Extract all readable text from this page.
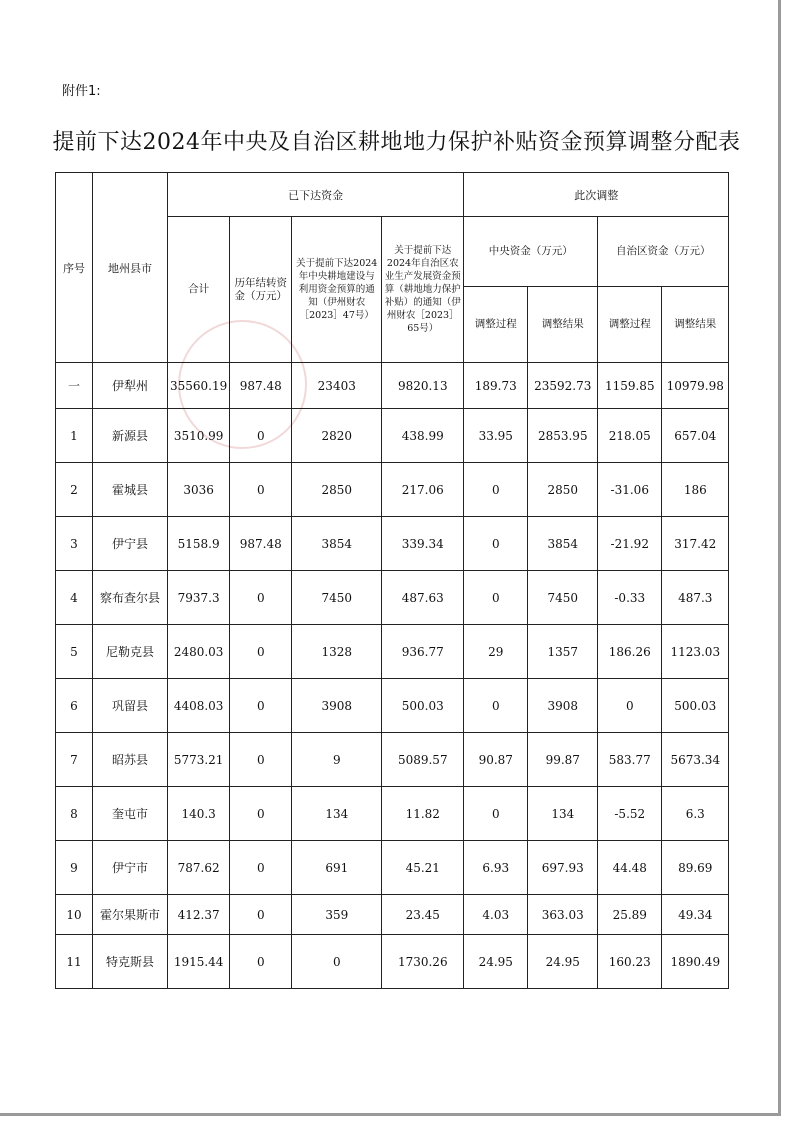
附件1:
提前下达2024年中央及自治区耕地地力保护补贴资金预算调整分配表
序号	地州县市	已下达资金				此次调整			
		合计	历年结转资金（万元）	关于提前下达2024年中央耕地建设与利用资金预算的通知（伊州财农［2023］47号）	关于提前下达2024年自治区农业生产发展资金预算（耕地地力保护补贴）的通知（伊州财农［2023］65号）	中央资金（万元）		自治区资金（万元）	
						调整过程	调整结果	调整过程	调整结果
一	伊犁州	35560.19	987.48	23403	9820.13	189.73	23592.73	1159.85	10979.98
1	新源县	3510.99	0	2820	438.99	33.95	2853.95	218.05	657.04
2	霍城县	3036	0	2850	217.06	0	2850	-31.06	186
3	伊宁县	5158.9	987.48	3854	339.34	0	3854	-21.92	317.42
4	察布查尔县	7937.3	0	7450	487.63	0	7450	-0.33	487.3
5	尼勒克县	2480.03	0	1328	936.77	29	1357	186.26	1123.03
6	巩留县	4408.03	0	3908	500.03	0	3908	0	500.03
7	昭苏县	5773.21	0	9	5089.57	90.87	99.87	583.77	5673.34
8	奎屯市	140.3	0	134	11.82	0	134	-5.52	6.3
9	伊宁市	787.62	0	691	45.21	6.93	697.93	44.48	89.69
10	霍尔果斯市	412.37	0	359	23.45	4.03	363.03	25.89	49.34
11	特克斯县	1915.44	0	0	1730.26	24.95	24.95	160.23	1890.49
